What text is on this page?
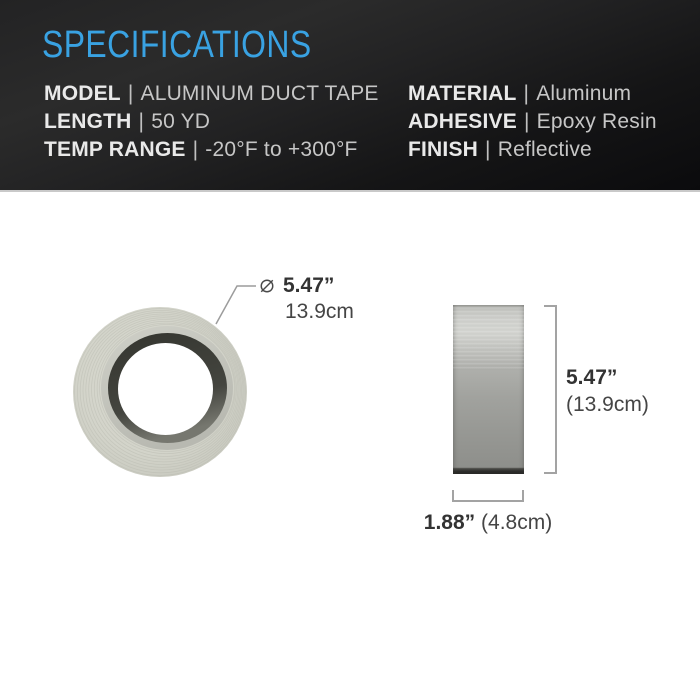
SPECIFICATIONS
MODEL | ALUMINUM DUCT TAPE
LENGTH | 50 YD
TEMP RANGE | -20°F to +300°F
MATERIAL | Aluminum
ADHESIVE | Epoxy Resin
FINISH | Reflective
5.47”
13.9cm
5.47”
(13.9cm)
1.88” (4.8cm)
